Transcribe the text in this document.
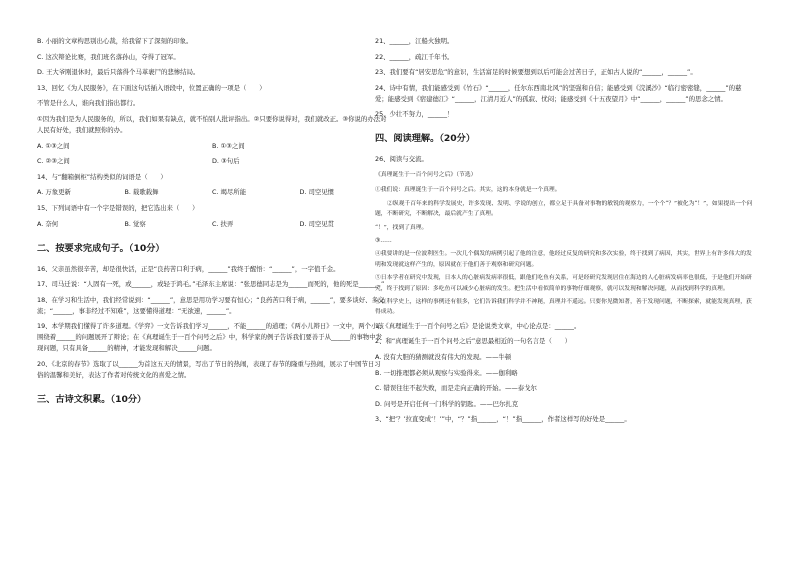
B. 小丽的文章构思别出心裁，给我留下了深刻的印象。

C. 这次辩论比赛，我们班名落孙山，夺得了冠军。

D. 王大爷刚退休时，最后只落得个马革裹尸的悲惨结局。

13、回忆《为人民服务》，在下面这句话插入语段中，位置正确的一项是（　　）

不管是什么人，谁向我们指出都行。

①因为我们是为人民服务的，所以，我们如果有缺点，就不怕别人批评指出。②只要你说得对，我们就改正。③你说的办法对人民有好处，我们就照你的办。

A. ①③之间	B. ①③之间
C. ②③之间	D. ③句后

14、与“翻箱倒柜”结构类似的词语是（　　）

A. 万象更新	B. 载歌载舞	C. 竭尽所能	D. 司空见惯

15、下列词语中有一个字是错误的，把它选出来（　　）

A. 奈何	B. 觉察	C. 扶弄	D. 司空见贯
二、按要求完成句子。（10分）

16、父亲虽然很辛苦，却是很快活，正是“良药苦口利于病，______”我终于醒悟：“______”，一字值千金。

17、司马迁说：“人固有一死，或______，或轻于鸿毛。”毛泽东主席说：“张思德同志是为______而死的，他的死是______。”

18、在学习和生活中，我们经常说到：“______”，意思是用功学习要有恒心；“良药苦口利于病，______”，要多谈好、多交流；“______，事非经过不知难”，这要懂得道理：“无欲速，______”。

19、本学期我们懂得了许多道理。《学弈》一文告诉我们学习______，不能______的道理；《两小儿辩日》一文中，两个小孩围绕着______的问题展开了辩论；在《真理诞生于一百个问号之后》中，科学家的例子告诉我们要善于从______的事物中发现问题，只有具备______的精神，才能发现和解决______问题。

20、《北京的春节》选取了以______为首这五天的情景，写出了节日的热闹，表现了春节的隆重与热闹，展示了中国节日习俗的温馨和美好，表达了作者对传统文化的喜爱之情。

三、古诗文积累。（10分）

21、______，江船火独明。

22、______，疏江千年书。

23、我们要有“居安思危”的意识，生活富足的时候要想到以后可能会过苦日子，正如古人说的“______，______”。

24、诗中有情，我们能感受到《竹石》“______，任尔东西南北风”的坚强和自信；能感受到《浣溪沙》“临行密密缝，______”的慈爱；能感受到《宿建德江》“______，江清月近人”的孤寂、忧闷；能感受到《十五夜望月》中“______，______”的思念之情。

25、少壮不努力，______！

四、阅读理解。（20分）

26、阅读与交流。

《真理诞生于一百个问号之后》（节选）

①我们说：真理诞生于一百个问号之后。其实，这的本身就是一个真理。

②纵观千百年来的科学发展史，许多发现、发明、学说的创立，都立足于具备对事物的敏锐的观察力，一个个“？”被化为“！”，如果提出一个问题，不断研究，不断解决，最后就产生了真理。

“！”，找到了真理。

③……

④我要讲的是一位波利医生。一次几个偶发的病例引起了他的注意，他经过反复的研究和多次实验，终于找到了病因，其实，世界上有许多伟大的发明和发现就这样产生的，原因就在于他们善于观察和研究问题。

⑤日本学者在研究中发现，日本人的心脏病发病率很低，跟他们吃鱼有关系，可是经研究发现居住在海边的人心脏病发病率也很低，于是他们开始研究，终于找到了原因：多吃鱼可以减少心脏病的发生。把生活中看似简单的事物仔细观察，就可以发现和解决问题，从而找到科学的真理。

⑥在科学史上，这样的事例还有很多，它们告诉我们科学并不神秘，真理并不遥远。只要你见微知著，善于发现问题，不断探索，就能发现真理，获得成功。

1、《真理诞生于一百个问号之后》是论说类文章，中心论点是：______。

2、和“真理诞生于一百个问号之后”意思最相近的一句名言是（　　）

A. 没有大胆的猜测就没有伟大的发现。——牛顿

B. 一切推理都必须从观察与实验得来。——伽利略

C. 错误往往不起失败，而是走向正确的开始。——泰戈尔

D. 问号是开启任何一门科学的钥匙。——巴尔扎克

3、“把‘？’拉直变成‘！’”中，“？”指______，“！”指______，作者这样写的好处是______。
